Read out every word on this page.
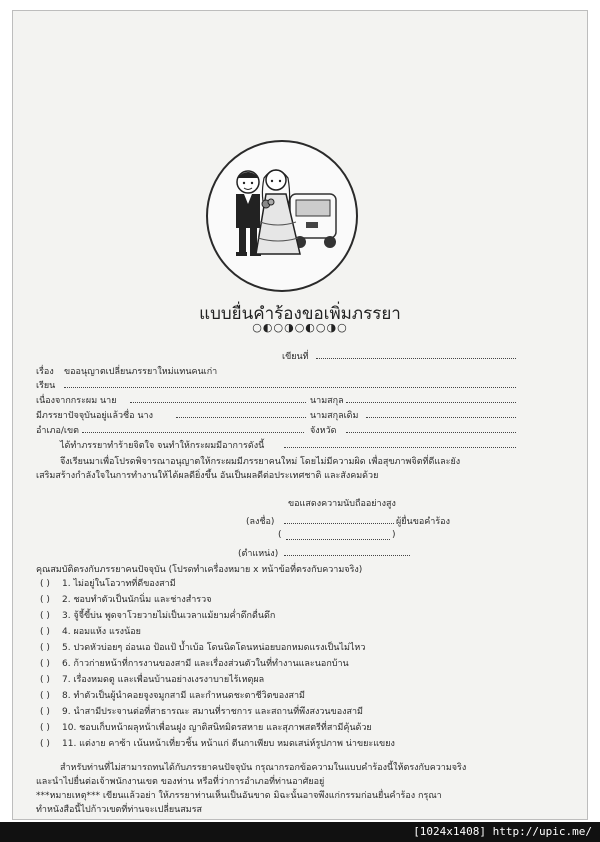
แบบยื่นคำร้องขอเพิ่มภรรยา
○◐○◑○◐○◑○
เขียนที่
เรื่อง ขออนุญาตเปลี่ยนภรรยาใหม่แทนคนเก่า
เรียน
เนื่องจากกระผม นาย	นามสกุล
มีภรรยาปัจจุบันอยู่แล้วชื่อ นาง	นามสกุลเดิม
อำเภอ/เขต	จังหวัด
ได้ทำภรรยาทำร้ายจิตใจ จนทำให้กระผมมีอาการดังนี้
จึงเรียนมาเพื่อโปรดพิจารณาอนุญาตให้กระผมมีภรรยาคนใหม่ โดยไม่มีความผิด เพื่อสุขภาพจิตที่ดีและยัง
เสริมสร้างกำลังใจในการทำงานให้ได้ผลดียิ่งขึ้น อันเป็นผลดีต่อประเทศชาติ และสังคมด้วย
ขอแสดงความนับถืออย่างสูง
(ลงชื่อ)	ผู้ยื่นขอคำร้อง
(	)
(ตำแหน่ง)
คุณสมบัติตรงกับภรรยาคนปัจจุบัน (โปรดทำเครื่องหมาย x หน้าข้อที่ตรงกับความจริง)
( ) 1. ไม่อยู่ในโอวาทที่ดีของสามี
( ) 2. ชอบทำตัวเป็นนักนิ่ม และช่างสำรวจ
( ) 3. จู้จี้ขี้บ่น พูดจาโวยวายไม่เป็นเวลาแม้ยามค่ำดึกดื่นดึก
( ) 4. ผอมแห้ง แรงน้อย
( ) 5. ปวดหัวบ่อยๆ อ่อนเอ ป้อแป้ บ้ำเบ้อ โดนนิดโดนหน่อยบอกหมดแรงเป็นไม่ไหว
( ) 6. ก้าวก่ายหน้าที่การงานของสามี และเรื่องส่วนตัวในที่ทำงานและนอกบ้าน
( ) 7. เรื่องหมดตู และเพื่อนบ้านอย่างเงรงาบายไร้เหตุผล
( ) 8. ทำตัวเป็นผู้นำคอยจูงจมูกสามี และกำหนดชะตาชีวิตของสามี
( ) 9. นำสามีประจานต่อที่สาธารณะ สมานที่ราชการ และสถานที่พึงสงวนของสามี
( ) 10. ชอบเก็บหน้าผลุหน้าเพื่อนฝูง ญาติสนิทมิตรสหาย และสุภาพสตรีที่สามีคุ้นด้วย
( ) 11. แต่งาย คาซ้า เน้นหน้าเที่ยวชิ้น หน้าแก่ ตีนกาเพียบ หมดเสน่ห์รูปภาพ น่าขยะแขยง
สำหรับท่านที่ไม่สามารถทนได้กับภรรยาคนปัจจุบัน กรุณากรอกข้อความในแบบคำร้องนี้ให้ตรงกับความจริง
และนำไปยื่นต่อเจ้าพนักงานเขต ของท่าน หรือที่ว่าการอำเภอที่ท่านอาศัยอยู่
***หมายเหตุ*** เขียนแล้วอย่า ให้ภรรยาท่านเห็นเป็นอันขาด มิฉะนั้นอาจพึงแก่กรรมก่อนยื่นคำร้อง กรุณา
ทำหนังสือนี้ไปก้าวเขตที่ท่านจะเปลี่ยนสมรส
[1024x1408] http://upic.me/
